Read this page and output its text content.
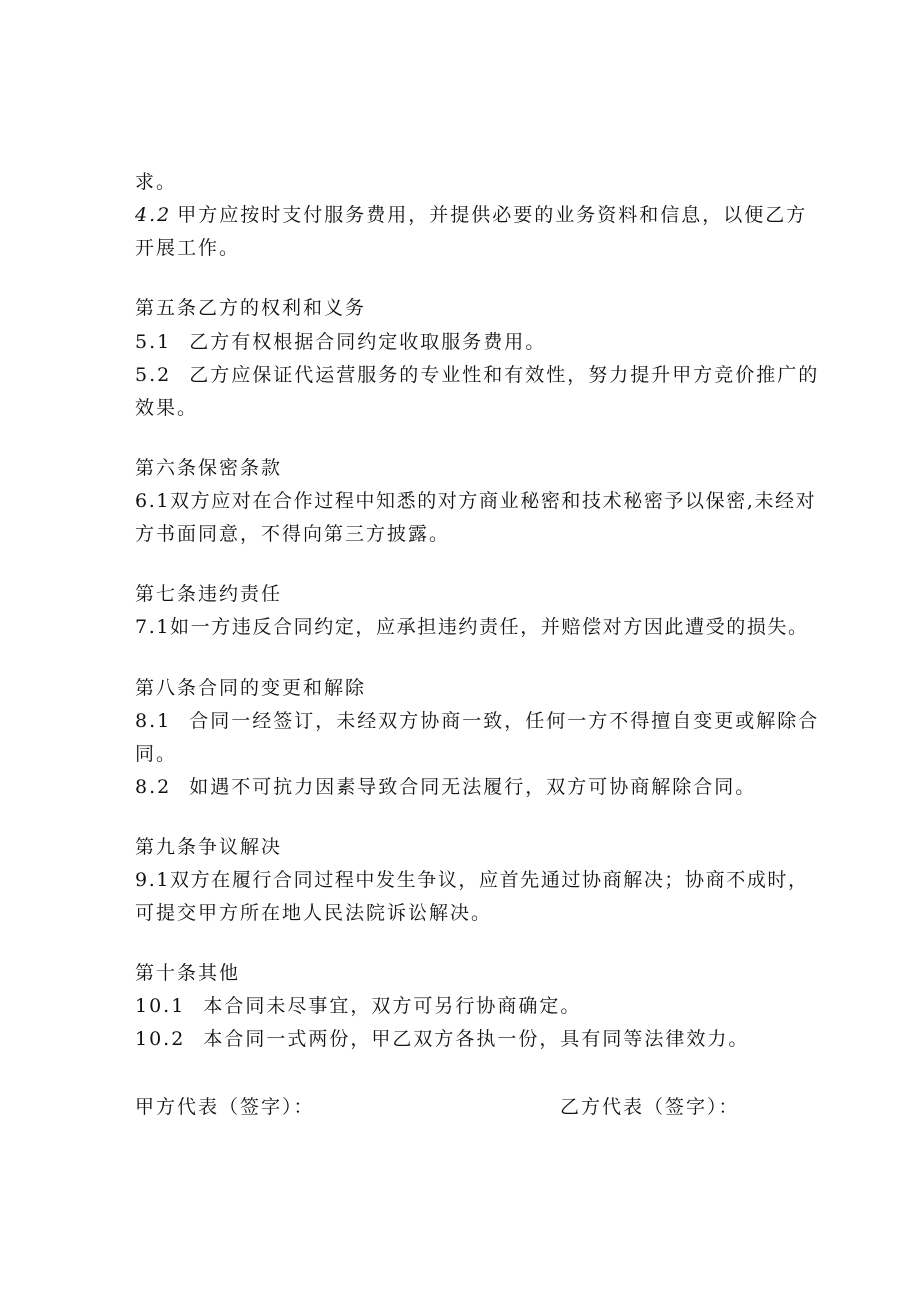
求。
4.2 甲方应按时支付服务费用，并提供必要的业务资料和信息，以便乙方
开展工作。
第五条乙方的权利和义务
5.1 乙方有权根据合同约定收取服务费用。
5.2 乙方应保证代运营服务的专业性和有效性，努力提升甲方竞价推广的
效果。
第六条保密条款
6.1双方应对在合作过程中知悉的对方商业秘密和技术秘密予以保密,未经对
方书面同意，不得向第三方披露。
第七条违约责任
7.1如一方违反合同约定，应承担违约责任，并赔偿对方因此遭受的损失。
第八条合同的变更和解除
8.1 合同一经签订，未经双方协商一致，任何一方不得擅自变更或解除合
同。
8.2 如遇不可抗力因素导致合同无法履行，双方可协商解除合同。
第九条争议解决
9.1双方在履行合同过程中发生争议，应首先通过协商解决；协商不成时，
可提交甲方所在地人民法院诉讼解决。
第十条其他
10.1 本合同未尽事宜，双方可另行协商确定。
10.2 本合同一式两份，甲乙双方各执一份，具有同等法律效力。
甲方代表（签字）：	乙方代表（签字）：
